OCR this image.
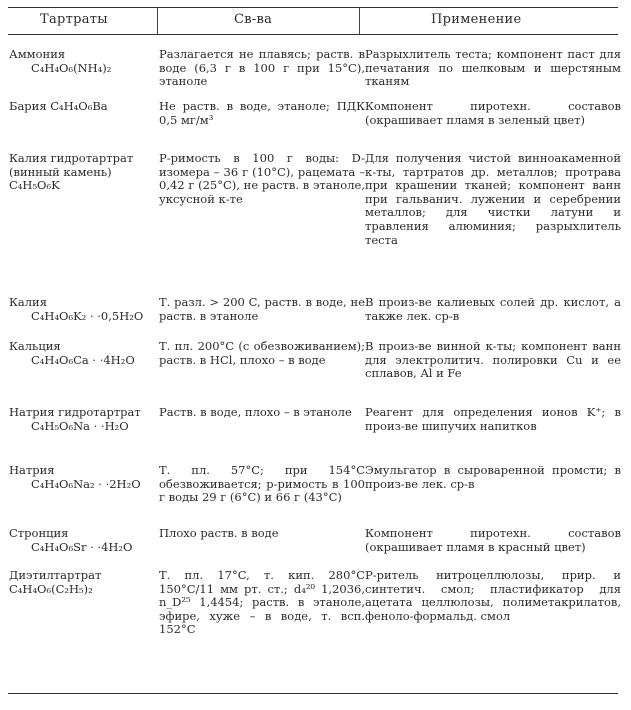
Тартраты	Св-ва	Применение
Аммония
C₄H₄O₆(NH₄)₂	Разлагается не плавясь; раств. в воде (6,3 г в 100 г при 15°C), этаноле	Разрыхлитель теста; компонент паст для печатания по шелковым и шерстяным тканям

Бария C₄H₄O₆Ba	Не раств. в воде, этаноле; ПДК 0,5 мг/м³	Компонент пиротехн. составов (окрашивает пламя в зеленый цвет)

Калия гидротартрат (винный камень) C₄H₅O₆K	Р-римость в 100 г воды: D-изомера – 36 г (10°C), рацемата – 0,42 г (25°C), не раств. в этаноле, уксусной к-те	Для получения чистой винноакаменной к-ты, тартратов др. металлов; протрава при крашении тканей; компонент ванн при гальванич. лужении и серебрении металлов; для чистки латуни и травления алюминия; разрыхлитель теста

Калия
C₄H₄O₆K₂ · ·0,5H₂O	Т. разл. > 200 C, раств. в воде, не раств. в этаноле	В произ-ве калиевых солей др. кислот, а также лек. ср-в

Кальция
C₄H₄O₆Ca · ·4H₂O	Т. пл. 200°C (с обезвоживанием); раств. в HCl, плохо – в воде	В произ-ве винной к-ты; компонент ванн для электролитич. полировки Cu и ее сплавов, Al и Fe

Натрия гидротартрат
C₄H₅O₆Na · ·H₂O	Раств. в воде, плохо – в этаноле	Реагент для определения ионов K⁺; в произ-ве шипучих напитков

Натрия
C₄H₄O₆Na₂ · ·2H₂O	Т. пл. 57°C; при 154°C обезвоживается; р-римость в 100 г воды 29 г (6°C) и 66 г (43°C)	Эмульгатор в сыроваренной промсти; в произ-ве лек. ср-в

Стронция
C₄H₄O₆Sr · ·4H₂O	Плохо раств. в воде	Компонент пиротехн. составов (окрашивает пламя в красный цвет)

Диэтилтартрат C₄H₄O₆(C₂H₅)₂	Т. пл. 17°C, т. кип. 280°C 150°C/11 мм рт. ст.; d₄²⁰ 1,2036, n_D²⁵ 1,4454; раств. в этаноле, эфире, хуже – в воде, т. всп. 152°C	Р-ритель нитроцеллюлозы, прир. и синтетич. смол; пластификатор для ацетата целлюлозы, полиметакрилатов, феноло-формальд. смол
